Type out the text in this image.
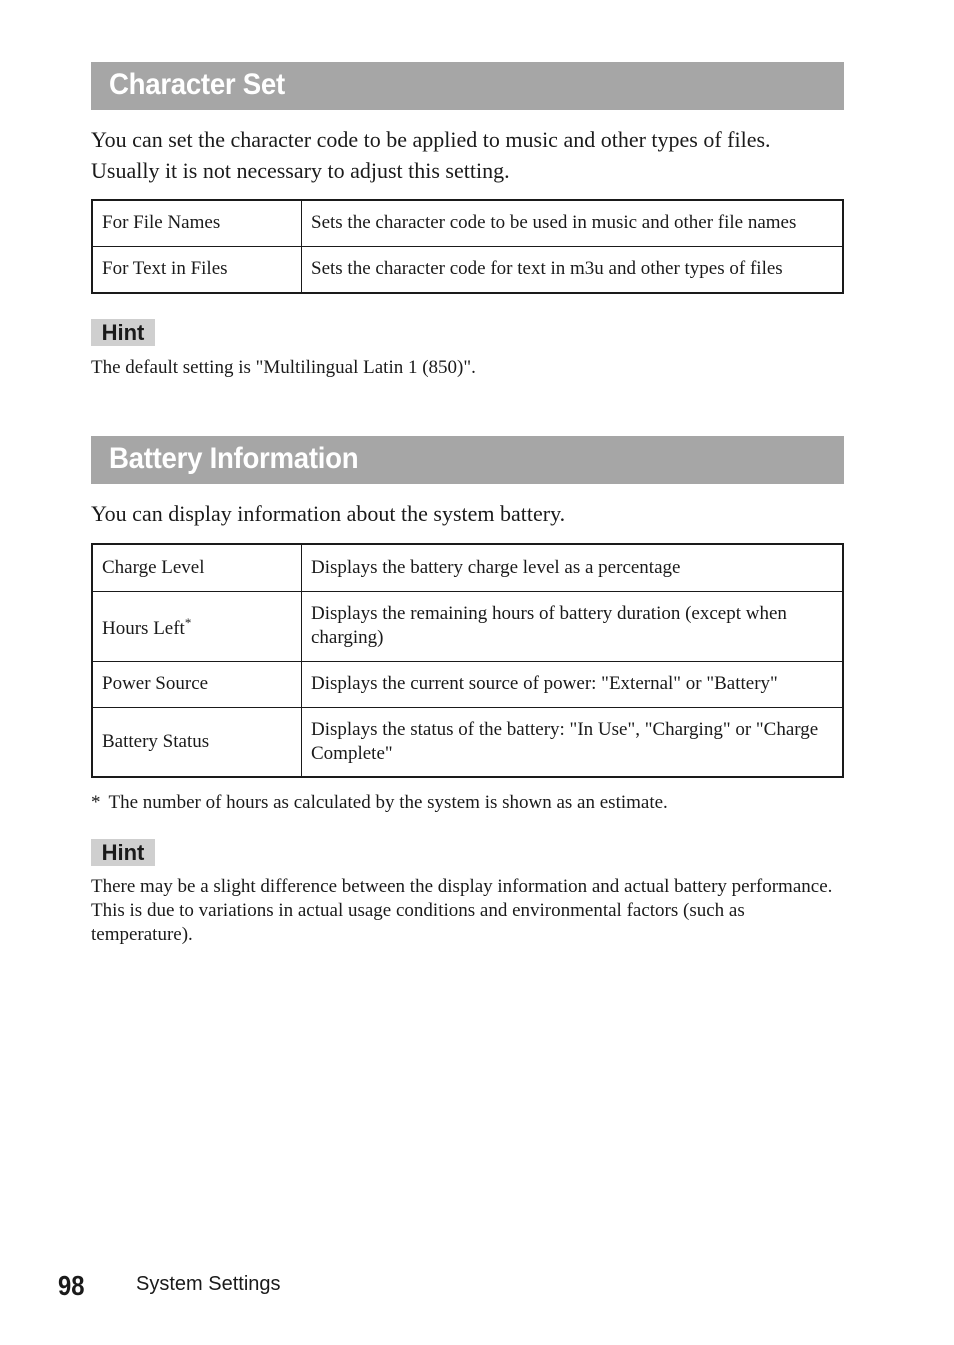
Character Set
You can set the character code to be applied to music and other types of files.
Usually it is not necessary to adjust this setting.
For File Names	Sets the character code to be used in music and other file names
For Text in Files	Sets the character code for text in m3u and other types of files
Hint

The default setting is "Multilingual Latin 1 (850)".

Battery Information
You can display information about the system battery.
Charge Level	Displays the battery charge level as a percentage
Hours Left*	Displays the remaining hours of battery duration (except when charging)
Power Source	Displays the current source of power: "External" or "Battery"
Battery Status	Displays the status of the battery: "In Use", "Charging" or "Charge Complete"

* The number of hours as calculated by the system is shown as an estimate.

Hint

There may be a slight difference between the display information and actual battery performance. This is due to variations in actual usage conditions and environmental factors (such as temperature).

98	System Settings
